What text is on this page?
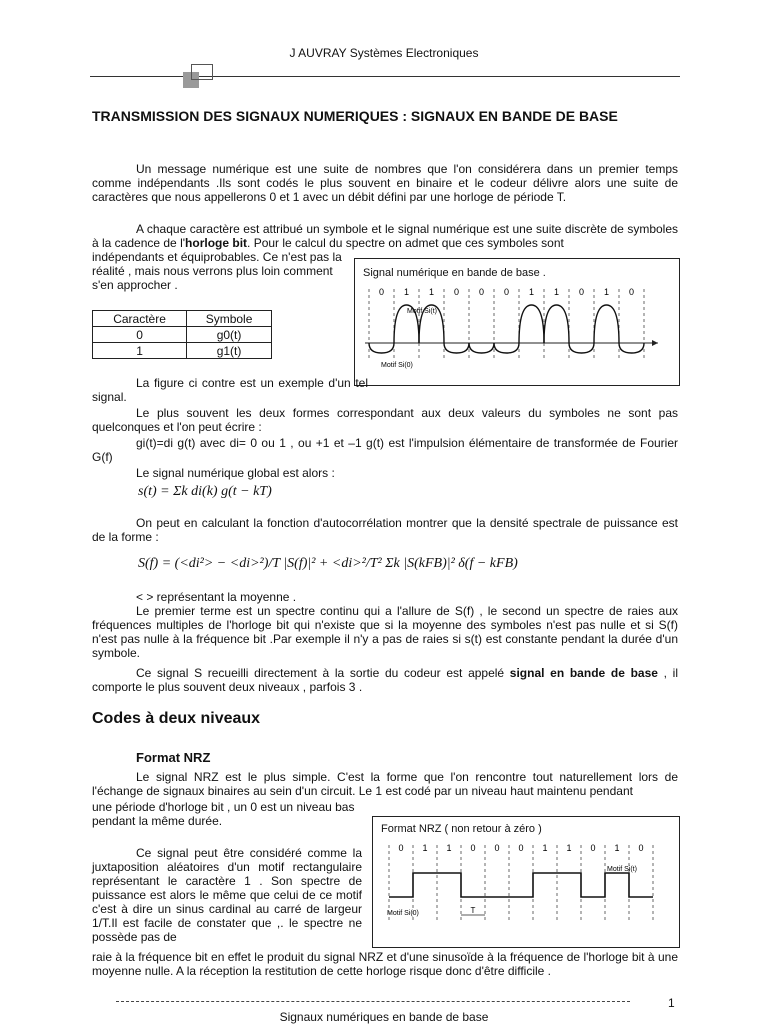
J AUVRAY Systèmes Electroniques
TRANSMISSION DES SIGNAUX NUMERIQUES : SIGNAUX EN BANDE DE BASE

Un message numérique est une suite de nombres que l'on considérera dans un premier temps comme indépendants .Ils sont codés le plus souvent en binaire et le codeur délivre alors une suite de caractères que nous appellerons 0 et 1 avec un débit défini par une horloge de période T.

A chaque caractère est attribué un symbole et le signal numérique est une suite discrète de symboles à la cadence de l'horloge bit. Pour le calcul du spectre on admet que ces symboles sont

indépendants et équiprobables. Ce n'est pas la réalité , mais nous verrons plus loin comment s'en approcher .

Caractère	Symbole
0	g0(t)
1	g1(t)
Signal numérique en bande de base .
0 1 1 0 0 0 1 1 0 1 0
Motif Si(t)
Motif Si(0)

La figure ci contre est un exemple d'un tel signal.

Le plus souvent les deux formes correspondant aux deux valeurs du symboles ne sont pas quelconques et l'on peut écrire :

gi(t)=di g(t) avec di= 0 ou 1 , ou +1 et –1 g(t) est l'impulsion élémentaire de transformée de Fourier G(f)

Le signal numérique global est alors :

s(t) = Σk di(k) g(t − kT)

On peut en calculant la fonction d'autocorrélation montrer que la densité spectrale de puissance est de la forme :

S(f) = (<di²> − <di>²)/T |S(f)|² + <di>²/T² Σk |S(kFB)|² δ(f − kFB)

< > représentant la moyenne .

Le premier terme est un spectre continu qui a l'allure de S(f) , le second un spectre de raies aux fréquences multiples de l'horloge bit qui n'existe que si la moyenne des symboles n'est pas nulle et si S(f) n'est pas nulle à la fréquence bit .Par exemple il n'y a pas de raies si s(t) est constante pendant la durée d'un symbole.

Ce signal S recueilli directement à la sortie du codeur est appelé signal en bande de base , il comporte le plus souvent deux niveaux , parfois 3 .

Codes à deux niveaux
Format NRZ

Le signal NRZ est le plus simple. C'est la forme que l'on rencontre tout naturellement lors de l'échange de signaux binaires au sein d'un circuit. Le 1 est codé par un niveau haut maintenu pendant

une période d'horloge bit , un 0 est un niveau bas pendant la même durée.

Ce signal peut être considéré comme la juxtaposition aléatoires d'un motif rectangulaire représentant le caractère 1 . Son spectre de puissance est alors le même que celui de ce motif c'est à dire un sinus cardinal au carré de largeur 1/T.Il est facile de constater que ,. le spectre ne possède pas de

Format NRZ ( non retour à zéro )
0 1 1 0 0 0 1 1 0 1 0
Motif Si(t)
Motif Si(0)	T

raie à la fréquence bit en effet le produit du signal NRZ et d'une sinusoïde à la fréquence de l'horloge bit à une moyenne nulle. A la réception la restitution de cette horloge risque donc d'être difficile .

1
Signaux numériques en bande de base
